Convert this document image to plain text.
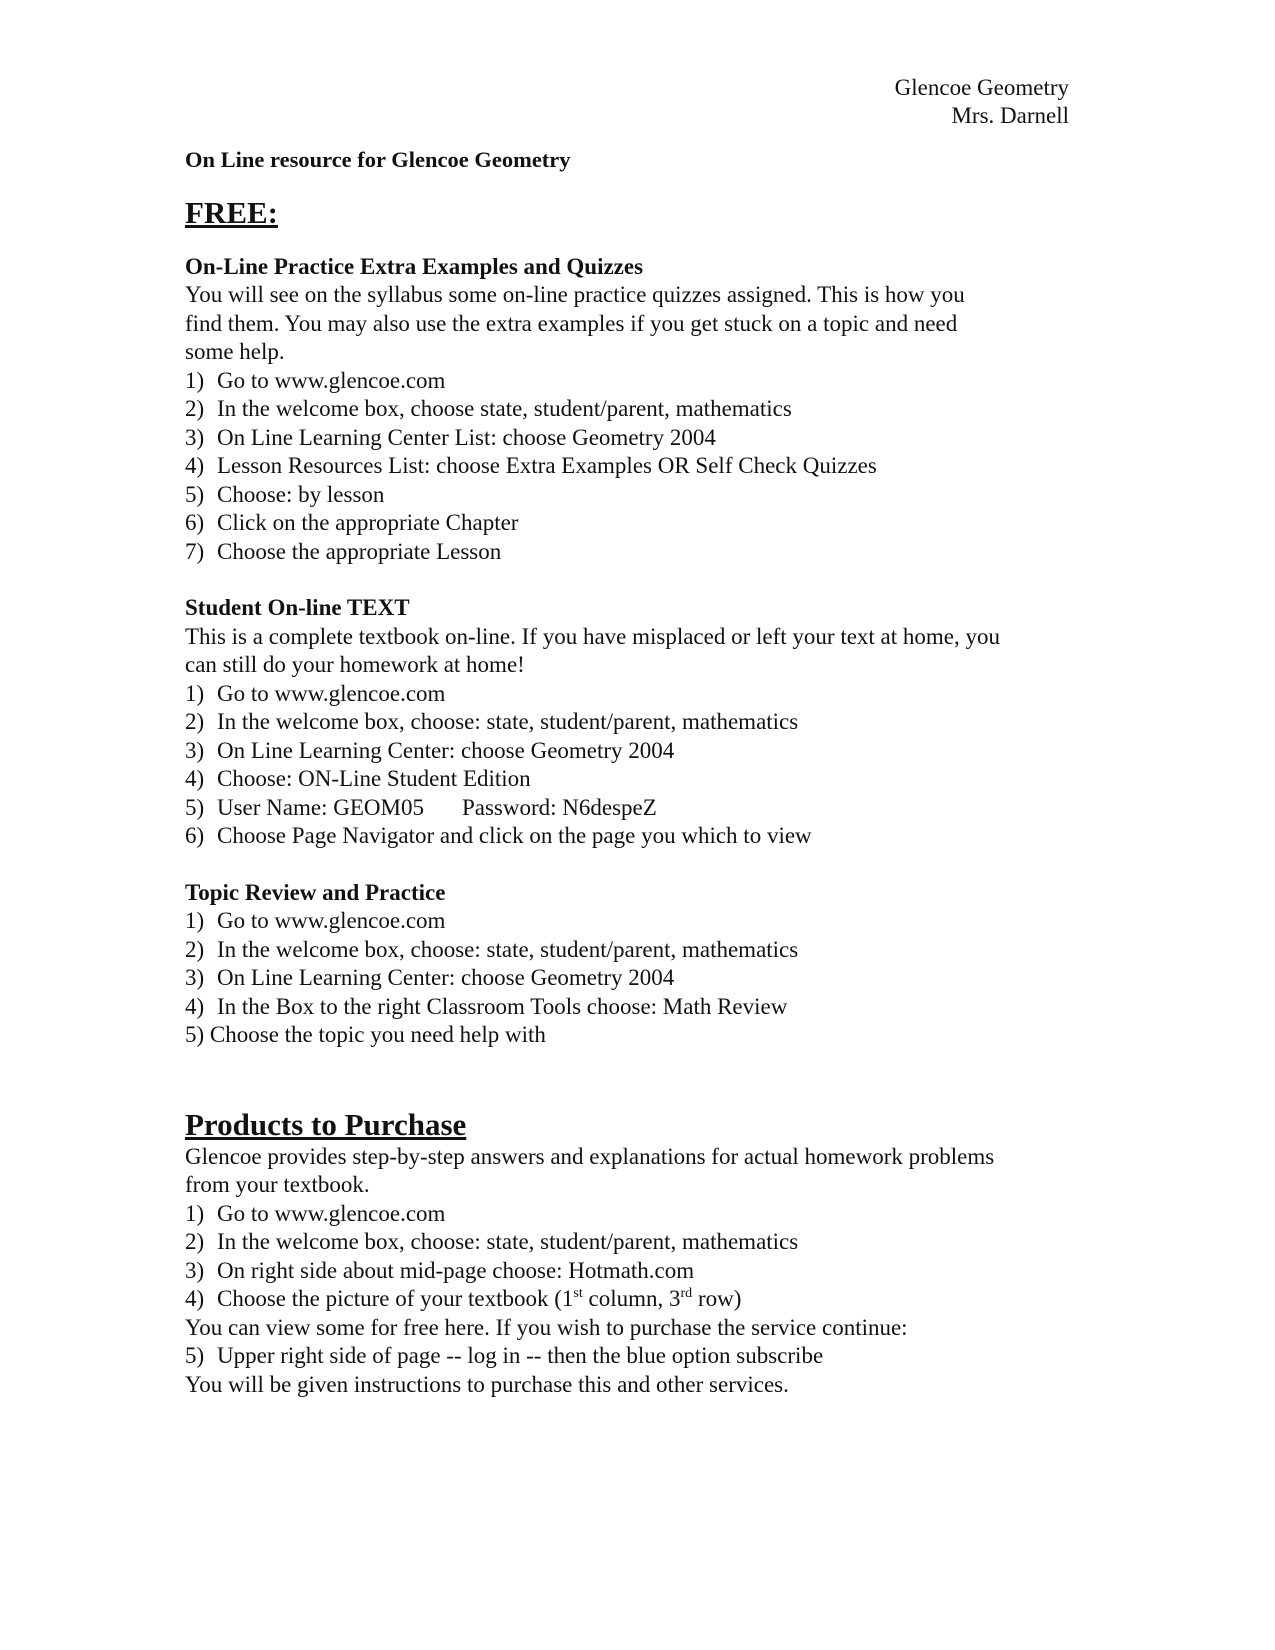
Glencoe Geometry
Mrs. Darnell
On Line resource for Glencoe Geometry
FREE:
On-Line Practice Extra Examples and Quizzes
You will see on the syllabus some on-line practice quizzes assigned. This is how you
find them. You may also use the extra examples if you get stuck on a topic and need
some help.
1) Go to www.glencoe.com
2) In the welcome box, choose state, student/parent, mathematics
3) On Line Learning Center List: choose Geometry 2004
4) Lesson Resources List: choose Extra Examples OR Self Check Quizzes
5) Choose: by lesson
6) Click on the appropriate Chapter
7) Choose the appropriate Lesson
Student On-line TEXT
This is a complete textbook on-line. If you have misplaced or left your text at home, you
can still do your homework at home!
1) Go to www.glencoe.com
2) In the welcome box, choose: state, student/parent, mathematics
3) On Line Learning Center: choose Geometry 2004
4) Choose: ON-Line Student Edition
5) User Name: GEOM05 Password: N6despeZ
6) Choose Page Navigator and click on the page you which to view
Topic Review and Practice
1) Go to www.glencoe.com
2) In the welcome box, choose: state, student/parent, mathematics
3) On Line Learning Center: choose Geometry 2004
4) In the Box to the right Classroom Tools choose: Math Review
5) Choose the topic you need help with
Products to Purchase
Glencoe provides step-by-step answers and explanations for actual homework problems
from your textbook.
1) Go to www.glencoe.com
2) In the welcome box, choose: state, student/parent, mathematics
3) On right side about mid-page choose: Hotmath.com
4) Choose the picture of your textbook (1st column, 3rd row)
You can view some for free here. If you wish to purchase the service continue:
5) Upper right side of page -- log in -- then the blue option subscribe
You will be given instructions to purchase this and other services.
